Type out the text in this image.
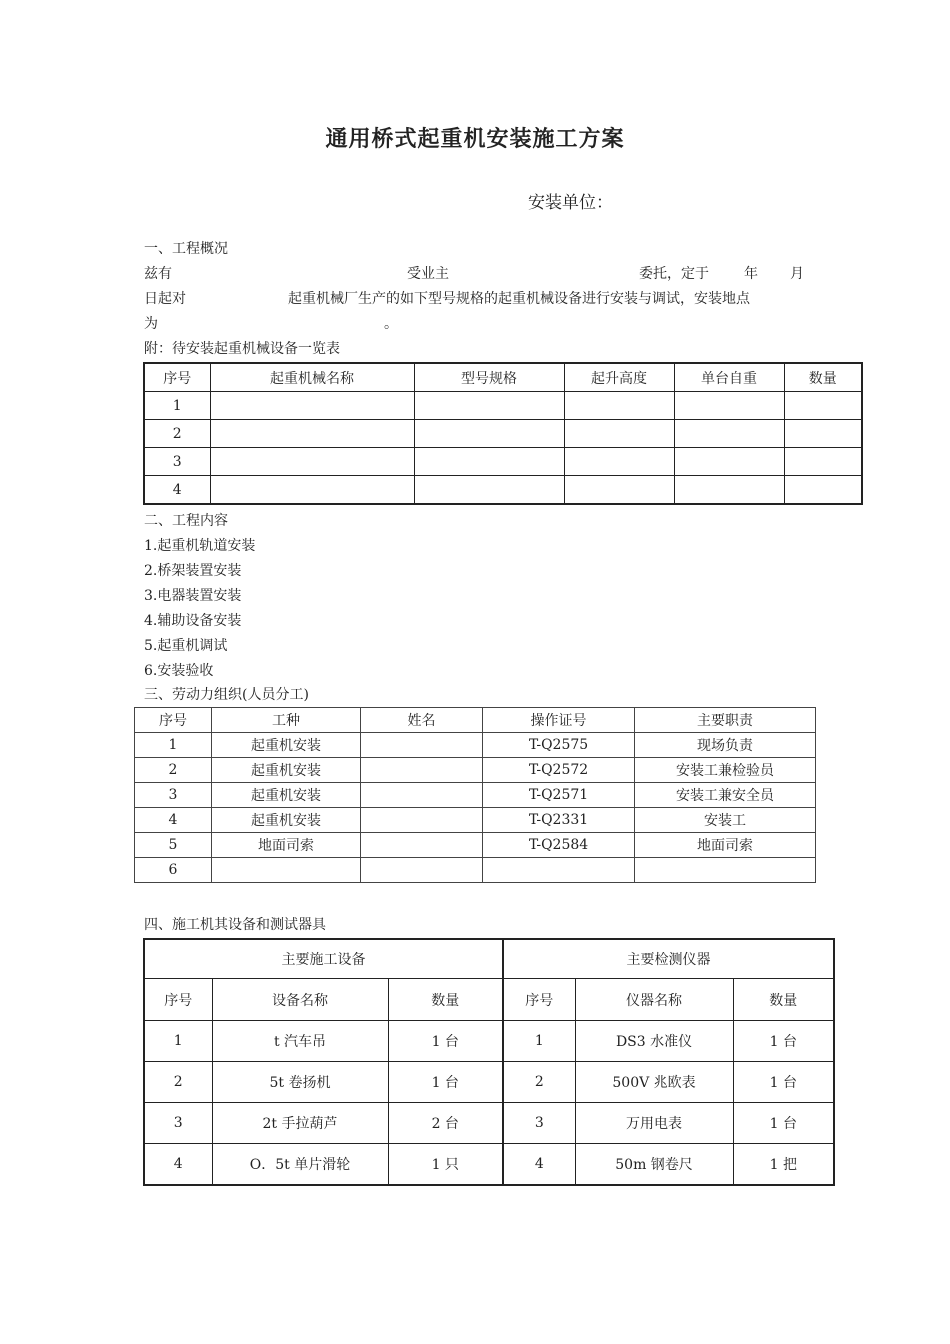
通用桥式起重机安装施工方案
安装单位：
一、工程概况
兹有	受业主	委托，定于	年 月
日起对	起重机械厂生产的如下型号规格的起重机械设备进行安装与调试，安装地点
为	。
附：待安装起重机械设备一览表
序号	起重机械名称	型号规格	起升高度	单台自重	数量
1					
2					
3					
4					
二、工程内容
1.起重机轨道安装
2.桥架装置安装
3.电器装置安装
4.辅助设备安装
5.起重机调试
6.安装验收
三、劳动力组织(人员分工)
序号	工种	姓名	操作证号	主要职责
1	起重机安装		T-Q2575	现场负责
2	起重机安装		T-Q2572	安装工兼检验员
3	起重机安装		T-Q2571	安装工兼安全员
4	起重机安装		T-Q2331	安装工
5	地面司索		T-Q2584	地面司索
6				
四、施工机其设备和测试器具
主要施工设备			主要检测仪器		
序号	设备名称	数量	序号	仪器名称	数量
1	t 汽车吊	1 台	1	DS3 水准仪	1 台
2	5t 卷扬机	1 台	2	500V 兆欧表	1 台
3	2t 手拉葫芦	2 台	3	万用电表	1 台
4	O．5t 单片滑轮	1 只	4	50m 钢卷尺	1 把
